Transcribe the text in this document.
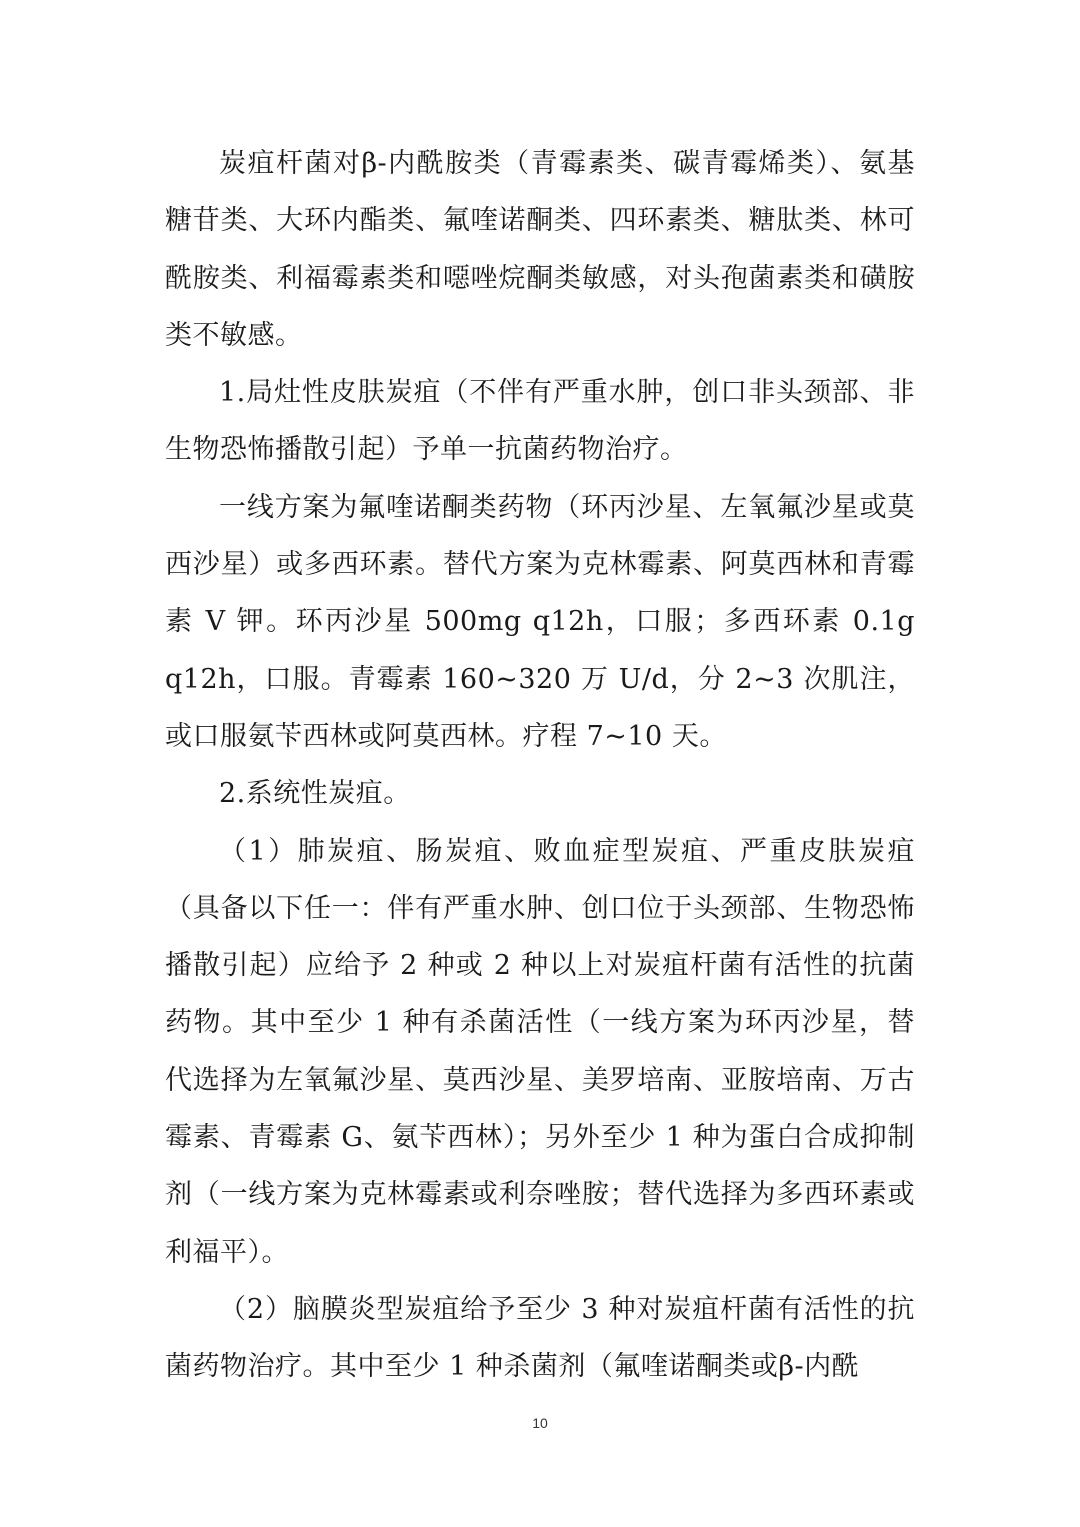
炭疽杆菌对β-内酰胺类（青霉素类、碳青霉烯类）、氨基糖苷类、大环内酯类、氟喹诺酮类、四环素类、糖肽类、林可酰胺类、利福霉素类和噁唑烷酮类敏感，对头孢菌素类和磺胺类不敏感。

1.局灶性皮肤炭疽（不伴有严重水肿，创口非头颈部、非生物恐怖播散引起）予单一抗菌药物治疗。

一线方案为氟喹诺酮类药物（环丙沙星、左氧氟沙星或莫西沙星）或多西环素。替代方案为克林霉素、阿莫西林和青霉素 V 钾。环丙沙星 500mg q12h，口服；多西环素 0.1g q12h，口服。青霉素 160~320 万 U/d，分 2~3 次肌注，或口服氨苄西林或阿莫西林。疗程 7~10 天。

2.系统性炭疽。

（1）肺炭疽、肠炭疽、败血症型炭疽、严重皮肤炭疽（具备以下任一：伴有严重水肿、创口位于头颈部、生物恐怖播散引起）应给予 2 种或 2 种以上对炭疽杆菌有活性的抗菌药物。其中至少 1 种有杀菌活性（一线方案为环丙沙星，替代选择为左氧氟沙星、莫西沙星、美罗培南、亚胺培南、万古霉素、青霉素 G、氨苄西林）；另外至少 1 种为蛋白合成抑制剂（一线方案为克林霉素或利奈唑胺；替代选择为多西环素或利福平）。

（2）脑膜炎型炭疽给予至少 3 种对炭疽杆菌有活性的抗菌药物治疗。其中至少 1 种杀菌剂（氟喹诺酮类或β-内酰

10
